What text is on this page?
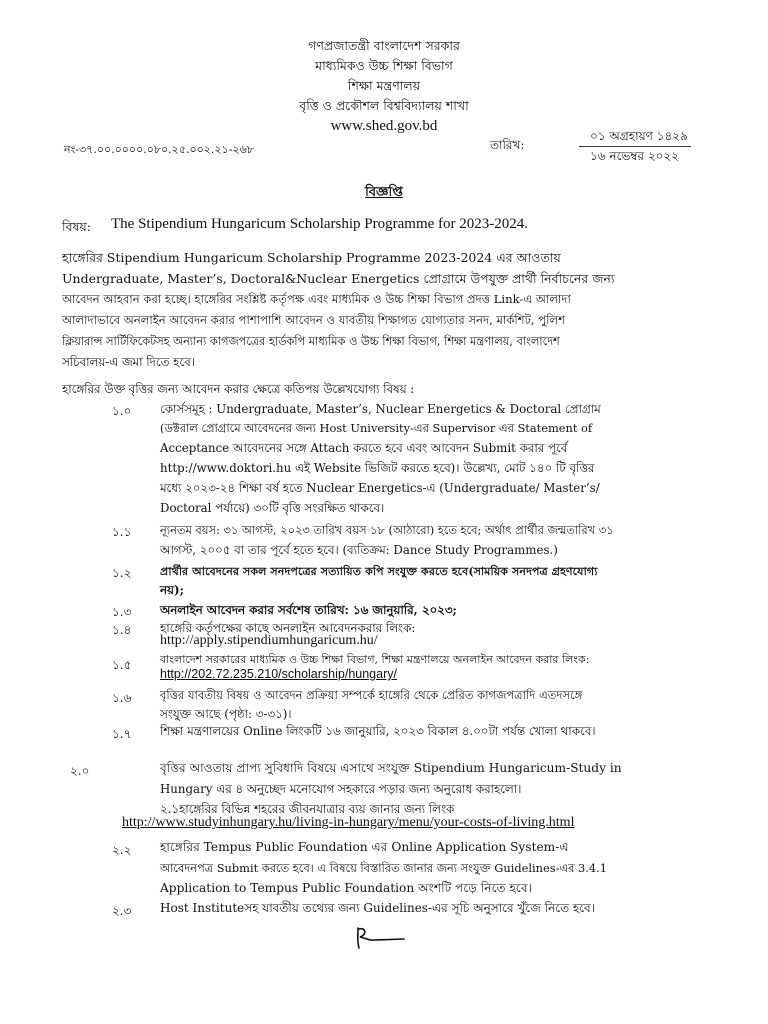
গণপ্রজাতন্ত্রী বাংলাদেশ সরকার
মাধ্যমিকও উচ্চ শিক্ষা বিভাগ
শিক্ষা মন্ত্রণালয়
বৃত্তি ও প্রকৌশল বিশ্ববিদ্যালয় শাখা
www.shed.gov.bd
নং-৩৭.০০.০০০০.০৮০.২৫.০০২.২১-২৬৮	তারিখ:
০১ অগ্রহায়ণ ১৪২৯
১৬ নভেম্বর ২০২২
বিজ্ঞপ্তি
বিষয়: The Stipendium Hungaricum Scholarship Programme for 2023-2024.
হাঙ্গেরির Stipendium Hungaricum Scholarship Programme 2023-2024 এর আওতায়
Undergraduate, Master’s, Doctoral&Nuclear Energetics প্রোগ্রামে উপযুক্ত প্রার্থী নির্বাচনের জন্য
আবেদন আহবান করা হচ্ছে। হাঙ্গেরির সংশ্লিষ্ট কর্তৃপক্ষ এবং মাধ্যমিক ও উচ্চ শিক্ষা বিভাগ প্রদত্ত Link-এ আলাদা
আলাদাভাবে অনলাইন আবেদন করার পাশাপাশি আবেদন ও যাবতীয় শিক্ষাগত যোগ্যতার সনদ, মার্কশিট, পুলিশ
ক্লিয়ারান্স সার্টিফিকেটসহ অন্যান্য কাগজপত্রের হার্ডকপি মাধ্যমিক ও উচ্চ শিক্ষা বিভাগ, শিক্ষা মন্ত্রণালয়, বাংলাদেশ
সচিবালয়-এ জমা দিতে হবে।
হাঙ্গেরির উক্ত বৃত্তির জন্য আবেদন করার ক্ষেত্রে কতিপয় উল্লেখযোগ্য বিষয় :
১.০ কোর্সসমূহ : Undergraduate, Master’s, Nuclear Energetics & Doctoral প্রোগ্রাম
(ডক্টরাল প্রোগ্রামে আবেদনের জন্য Host University-এর Supervisor এর Statement of
Acceptance আবেদনের সঙ্গে Attach করতে হবে এবং আবেদন Submit করার পূর্বে
http://www.doktori.hu এই Website ভিজিট করতে হবে)। উল্লেখ্য, মোট ১৪০ টি বৃত্তির
মধ্যে ২০২৩-২৪ শিক্ষা বর্ষ হতে Nuclear Energetics-এ (Undergraduate/ Master’s/
Doctoral পর্যায়ে) ৩০টি বৃত্তি সংরক্ষিত থাকবে।
১.১	ন্যূনতম বয়স: ৩১ আগস্ট, ২০২৩ তারিখ বয়স ১৮ (আঠারো) হতে হবে; অর্থাৎ প্রার্থীর জন্মতারিখ ৩১
আগস্ট, ২০০৫ বা তার পূর্বে হতে হবে। (ব্যতিক্রম: Dance Study Programmes.)
১.২	প্রার্থীর আবেদনের সকল সনদপত্রের সত্যায়িত কপি সংযুক্ত করতে হবে(সাময়িক সনদপত্র গ্রহণযোগ্য
নয়);
১.৩ অনলাইন আবেদন করার সর্বশেষ তারিখ: ১৬ জানুয়ারি, ২০২৩;
১.৪ হাঙ্গেরি কর্তৃপক্ষের কাছে অনলাইন আবেদনকরার লিংক:
http://apply.stipendiumhungaricum.hu/
১.৫	বাংলাদেশ সরকারের মাধ্যমিক ও উচ্চ শিক্ষা বিভাগ, শিক্ষা মন্ত্রণালয়ে অনলাইন আবেদন করার লিংক:
http://202.72.235.210/scholarship/hungary/
১.৬ বৃত্তির যাবতীয় বিষয় ও আবেদন প্রক্রিয়া সম্পর্কে হাঙ্গেরি থেকে প্রেরিত কাগজপত্রাদি এতদসঙ্গে
সংযুক্ত আছে (পৃষ্ঠা: ৩-৩১)।
১.৭ শিক্ষা মন্ত্রণালয়ের Online লিংকটি ১৬ জানুয়ারি, ২০২৩ বিকাল ৪.০০টা পর্যন্ত খোলা থাকবে।
২.০	বৃত্তির আওতায় প্রাপ্য সুবিধাদি বিষয়ে এসাথে সংযুক্ত Stipendium Hungaricum-Study in
Hungary এর ৪ অনুচ্ছেদ মনোযোগ সহকারে পড়ার জন্য অনুরোধ করাহলো।
২.১হাঙ্গেরির বিভিন্ন শহরের জীবনযাত্রার ব্যয় জানার জন্য লিংক
http://www.studyinhungary.hu/living-in-hungary/menu/your-costs-of-living.html
২.২ হাঙ্গেরির Tempus Public Foundation এর Online Application System-এ
আবেদনপত্র Submit করতে হবে। এ বিষয়ে বিস্তারিত জানার জন্য সংযুক্ত Guidelines-এর 3.4.1
Application to Tempus Public Foundation অংশটি পড়ে নিতে হবে।
২.৩ Host Instituteসহ যাবতীয় তথ্যের জন্য Guidelines-এর সূচি অনুসারে খুঁজে নিতে হবে।
